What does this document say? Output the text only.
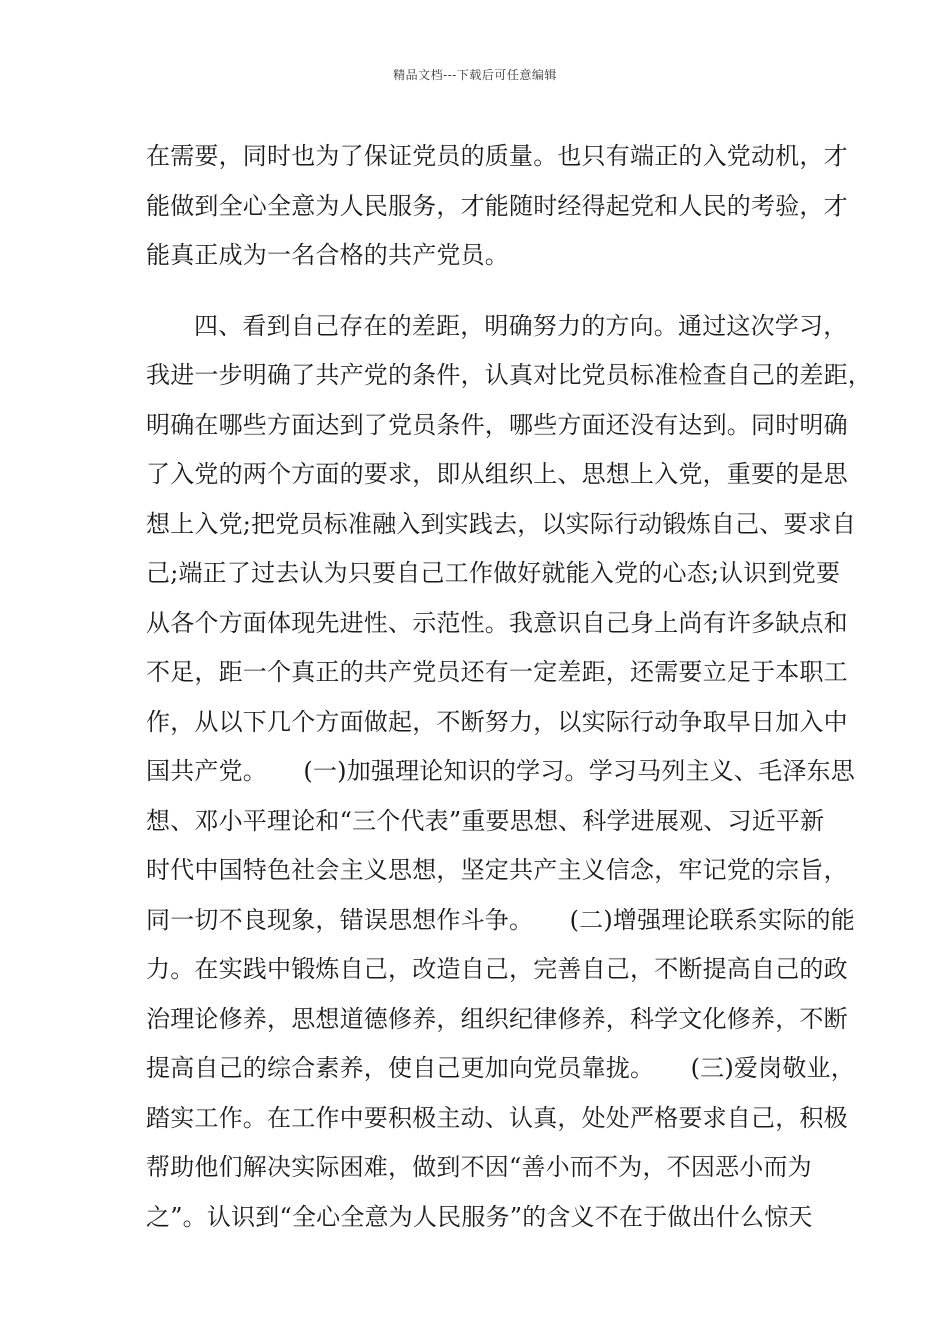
精品文档---下载后可任意编辑
在需要，同时也为了保证党员的质量。也只有端正的入党动机，才
能做到全心全意为人民服务，才能随时经得起党和人民的考验，才
能真正成为一名合格的共产党员。
四、看到自己存在的差距，明确努力的方向。通过这次学习，
我进一步明确了共产党的条件，认真对比党员标准检查自己的差距，
明确在哪些方面达到了党员条件，哪些方面还没有达到。同时明确
了入党的两个方面的要求，即从组织上、思想上入党，重要的是思
想上入党;把党员标准融入到实践去，以实际行动锻炼自己、要求自
己;端正了过去认为只要自己工作做好就能入党的心态;认识到党要
从各个方面体现先进性、示范性。我意识自己身上尚有许多缺点和
不足，距一个真正的共产党员还有一定差距，还需要立足于本职工
作，从以下几个方面做起，不断努力，以实际行动争取早日加入中
国共产党。　　(一)加强理论知识的学习。学习马列主义、毛泽东思
想、邓小平理论和“三个代表”重要思想、科学进展观、习近平新
时代中国特色社会主义思想，坚定共产主义信念，牢记党的宗旨，
同一切不良现象，错误思想作斗争。　　(二)增强理论联系实际的能
力。在实践中锻炼自己，改造自己，完善自己，不断提高自己的政
治理论修养，思想道德修养，组织纪律修养，科学文化修养，不断
提高自己的综合素养，使自己更加向党员靠拢。　　(三)爱岗敬业，
踏实工作。在工作中要积极主动、认真，处处严格要求自己，积极
帮助他们解决实际困难，做到不因“善小而不为，不因恶小而为
之”。认识到“全心全意为人民服务”的含义不在于做出什么惊天
